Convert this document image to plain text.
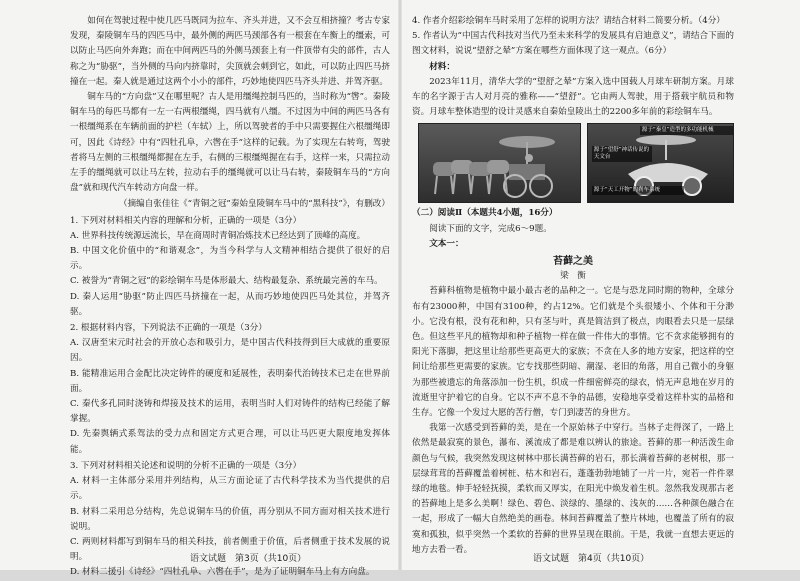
如何在驾驶过程中使几匹马既同为拉车、齐头并进，又不会互相挤撞？考古专家发现，秦陵铜车马的四匹马中，最外侧的两匹马颈部各有一根套在车衡上的缰索，可以防止马匹向外奔跑；而在中间两匹马的外侧马颈套上有一件顶带有尖的部件，古人称之为“胁驱”，当外侧的马向内挤靠时，尖顶就会刺到它，如此，可以防止四匹马挤撞在一起。秦人就是通过这两个小小的部件，巧妙地使四匹马齐头并进、并驾齐驱。

铜车马的“方向盘”又在哪里呢？古人是用缰绳控制马匹的，当时称为“辔”。秦陵铜车马的每匹马都有一左一右两根缰绳，四马就有八缰。不过因为中间的两匹马各有一根缰绳系在车辆前面的护栏（车轼）上，所以驾驶者的手中只需要握住六根缰绳即可，因此《诗经》中有“四牡孔阜，六辔在手”这样的记载。为了实现左右转弯，驾驶者将马左侧的三根缰绳都握在左手，右侧的三根缰绳握在右手，这样一来，只需拉动左手的缰绳就可以让马左转，拉动右手的缰绳就可以让马右转，秦陵铜车马的“方向盘”就和现代汽车转动方向盘一样。

（摘编自张佳往《“青铜之冠”秦始皇陵铜车马中的“黑科技”》，有删改）

1. 下列对材料相关内容的理解和分析，正确的一项是（3分）

A. 世界科技传统源远流长，早在商周时青铜冶炼技术已经达到了顶峰的高度。

B. 中国文化价值中的“和谐观念”，为当今科学与人文精神相结合提供了很好的启示。

C. 被誉为“青铜之冠”的彩绘铜车马是体形最大、结构最复杂、系统最完善的车马。

D. 秦人运用“胁驱”防止四匹马挤撞在一起，从而巧妙地使四匹马处其位，并驾齐驱。

2. 根据材料内容，下列说法不正确的一项是（3分）

A. 汉唐至宋元时社会的开放心态和吸引力，是中国古代科技得到巨大成就的重要原因。

B. 能精准运用合金配比决定铸件的硬度和延展性，表明秦代治铸技术已走在世界前面。

C. 秦代多孔同时浇铸和焊接及技术的运用，表明当时人们对铸件的结构已经能了解掌握。

D. 先秦舆辆式系驾法的受力点和固定方式更合理，可以让马匹更大限度地发挥体能。

3. 下列对材料相关论述和说明的分析不正确的一项是（3分）

A. 材料一主体部分采用并列结构，从三方面论证了古代科学技术为当代提供的启示。

B. 材料二采用总分结构，先总说铜车马的价值，再分别从不同方面对相关技术进行说明。

C. 两则材料都写到铜车马的相关科技，前者侧重于价值，后者侧重于技术发展的说明。

D. 材料二援引《诗经》“四牡孔阜、六辔在手”，是为了证明铜车马上有方向盘。

语文试题　第3页（共10页）

4. 作者介绍彩绘铜车马时采用了怎样的说明方法？请结合材料二简要分析。（4分）

5. 作者认为“中国古代科技对当代乃至未来科学的发展具有启迪意义”，请结合下面的图文材料，说说“望舒之辇”方案在哪些方面体现了这一观点。（6分）

材料：

2023年11月，清华大学的“望舒之辇”方案入选中国载人月球车研制方案。月球车的名字源于古人对月亮的雅称——“望舒”。它由两人驾驶，用于搭载宇航员和物资。月球车整体造型的设计灵感来自秦始皇陵出土的2200多年前的彩绘铜车马。

源于“秦皇”造型的多功能机械
源于“望舒”神话传说的天文台
源于“天工开物”的刹车系统

（二）阅读Ⅱ（本题共4小题，16分）

阅读下面的文字，完成6～9题。

文本一：

苔藓之美

梁　衡

苔藓科植物是植物中最小最古老的品种之一。它是与恐龙同时期的物种，全球分布有23000种，中国有3100种，约占12%。它们就是个头很矮小、个体和干分渺小。它没有根，没有花和种，只有茎与叶，真是简洁到了极点，肉眼看去只是一层绿色。但这些平凡的植物却和种子植物一样在做一件伟大的事情。它不贪求能够拥有的阳光下落脚，把这里让给那些更高更大的家族；不贪在人多的地方安家，把这样的空间让给那些更需要的家族。它专找那些阴暗、潮湿、老旧的角落，用自己微小的身躯为那些被遗忘的角落添加一份生机，织成一件细密鲜亮的绿衣，悄无声息地在岁月的流逝里守护着它的自身。它以不声不息不争的品德，安稳地享受着这样朴实的品格和生存。它像一个发过大愿的苦行僧，专门到凄苦的身世方。

我第一次感受到苔藓的美，是在一个原始林子中穿行。当林子走得深了，一路上依然是最寂寞的景色，瀑布、溪流成了都是难以辨认的旅途。苔藓的那一种活泼生命颜色与气候，我突然发现这树林中那长满苔藓的岩石，那长满着苔藓的老树根，那一层绿茸茸的苔藓覆盖着树桩、枯木和岩石，蓬蓬勃勃地铺了一片一片，宛若一件件翠绿的地毯。伸手轻轻抚摸，柔软而又厚实，在阳光中焕发着生机。忽然我发现那古老的苔藓地上是多么美啊！绿色、碧色、淡绿的、墨绿的、浅灰的……各种颜色融合在一起，形成了一幅大自然绝美的画卷。林间苔藓覆盖了整片林地，也覆盖了所有的寂寞和孤独，似乎突然一个柔软的苔藓的世界呈现在眼前。干是，我就一直想去更远的地方去看一看。

语文试题　第4页（共10页）
